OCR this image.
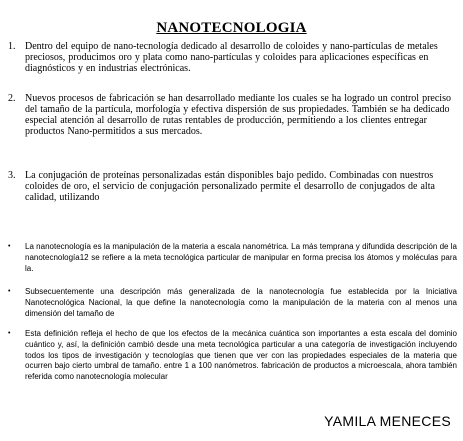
NANOTECNOLOGIA
1. Dentro del equipo de nano-tecnología dedicado al desarrollo de coloides y nano-partículas de metales preciosos, producimos oro y plata como nano-partículas y coloides para aplicaciones específicas en diagnósticos y en industrias electrónicas.
2. Nuevos procesos de fabricación se han desarrollado mediante los cuales se ha logrado un control preciso del tamaño de la partícula, morfología y efectiva dispersión de sus propiedades. También se ha dedicado especial atención al desarrollo de rutas rentables de producción, permitiendo a los clientes entregar productos Nano-permitidos a sus mercados.
3. La conjugación de proteínas personalizadas están disponibles bajo pedido. Combinadas con nuestros coloides de oro, el servicio de conjugación personalizado permite el desarrollo de conjugados de alta calidad, utilizando
•	La nanotecnología es la manipulación de la materia a escala nanométrica. La más temprana y difundida descripción de la nanotecnología12 se refiere a la meta tecnológica particular de manipular en forma precisa los átomos y moléculas para la.
•	Subsecuentemente una descripción más generalizada de la nanotecnología fue establecida por la Iniciativa Nanotecnológica Nacional, la que define la nanotecnología como la manipulación de la materia con al menos una dimensión del tamaño de
•	Esta definición refleja el hecho de que los efectos de la mecánica cuántica son importantes a esta escala del dominio cuántico y, así, la definición cambió desde una meta tecnológica particular a una categoría de investigación incluyendo todos los tipos de investigación y tecnologías que tienen que ver con las propiedades especiales de la materia que ocurren bajo cierto umbral de tamaño. entre 1 a 100 nanómetros. fabricación de productos a microescala, ahora también referida como nanotecnología molecular

YAMILA MENECES
